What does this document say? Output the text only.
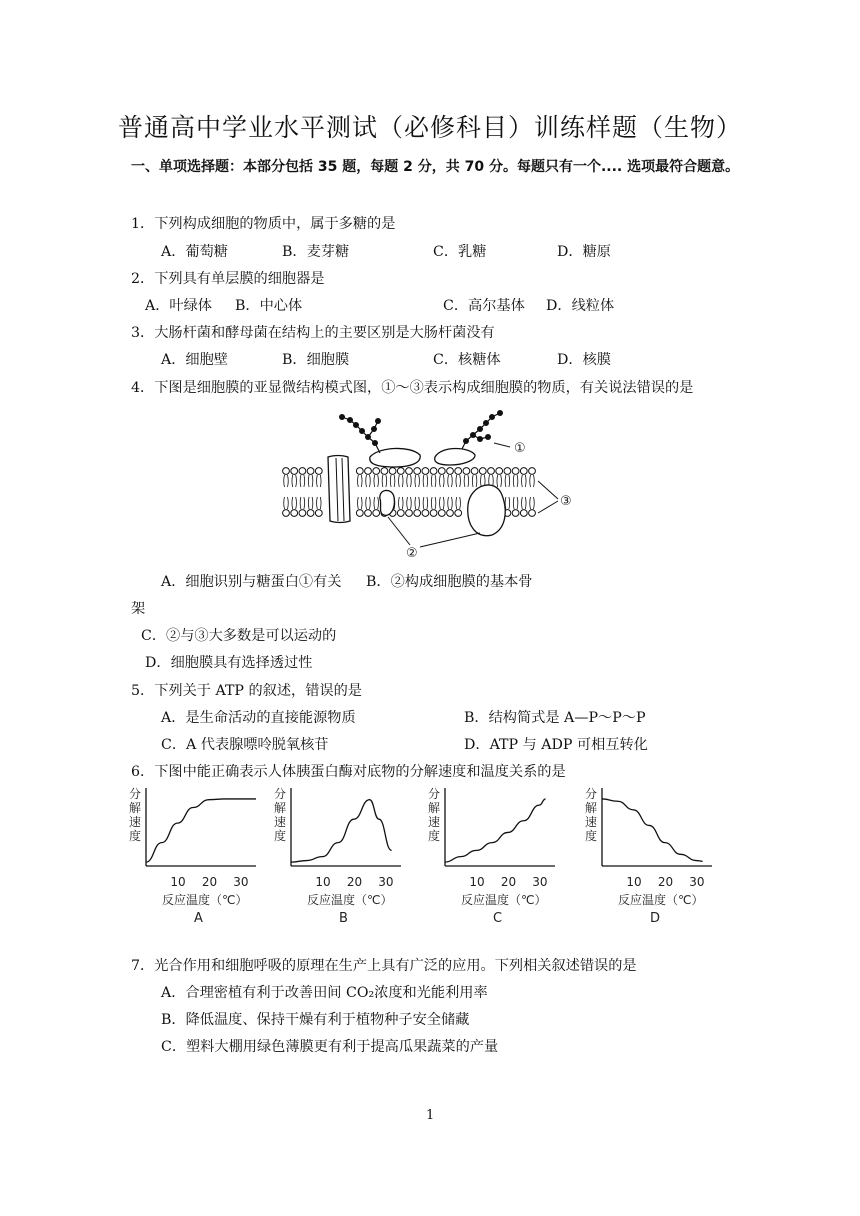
普通高中学业水平测试（必修科目）训练样题（生物）
一、单项选择题：本部分包括 35 题，每题 2 分，共 70 分。每题只有一个.... 选项最符合题意。
1．下列构成细胞的物质中，属于多糖的是
A．葡萄糖	B．麦芽糖	C．乳糖	D．糖原
2．下列具有单层膜的细胞器是
A．叶绿体 B．中心体	C．高尔基体 D．线粒体
3．大肠杆菌和酵母菌在结构上的主要区别是大肠杆菌没有
A．细胞壁	B．细胞膜	C．核糖体	D．核膜
4．下图是细胞膜的亚显微结构模式图，①～③表示构成细胞膜的物质，有关说法错误的是
①
③
②
A．细胞识别与糖蛋白①有关 B．②构成细胞膜的基本骨
架
C．②与③大多数是可以运动的
D．细胞膜具有选择透过性
5．下列关于 ATP 的叙述，错误的是
A．是生命活动的直接能源物质	B．结构简式是 A—P～P～P
C．A 代表腺嘌呤脱氧核苷	D．ATP 与 ADP 可相互转化
6．下图中能正确表示人体胰蛋白酶对底物的分解速度和温度关系的是
分
解
速
度
10 20 30
反应温度（℃）
A
分
解
速
度
10 20 30
反应温度（℃）
B
分
解
速
度
10 20 30
反应温度（℃）
C
分
解
速
度
10 20 30
反应温度（℃）
D
7．光合作用和细胞呼吸的原理在生产上具有广泛的应用。下列相关叙述错误的是
A．合理密植有利于改善田间 CO₂浓度和光能利用率
B．降低温度、保持干燥有利于植物种子安全储藏
C．塑料大棚用绿色薄膜更有利于提高瓜果蔬菜的产量
1
